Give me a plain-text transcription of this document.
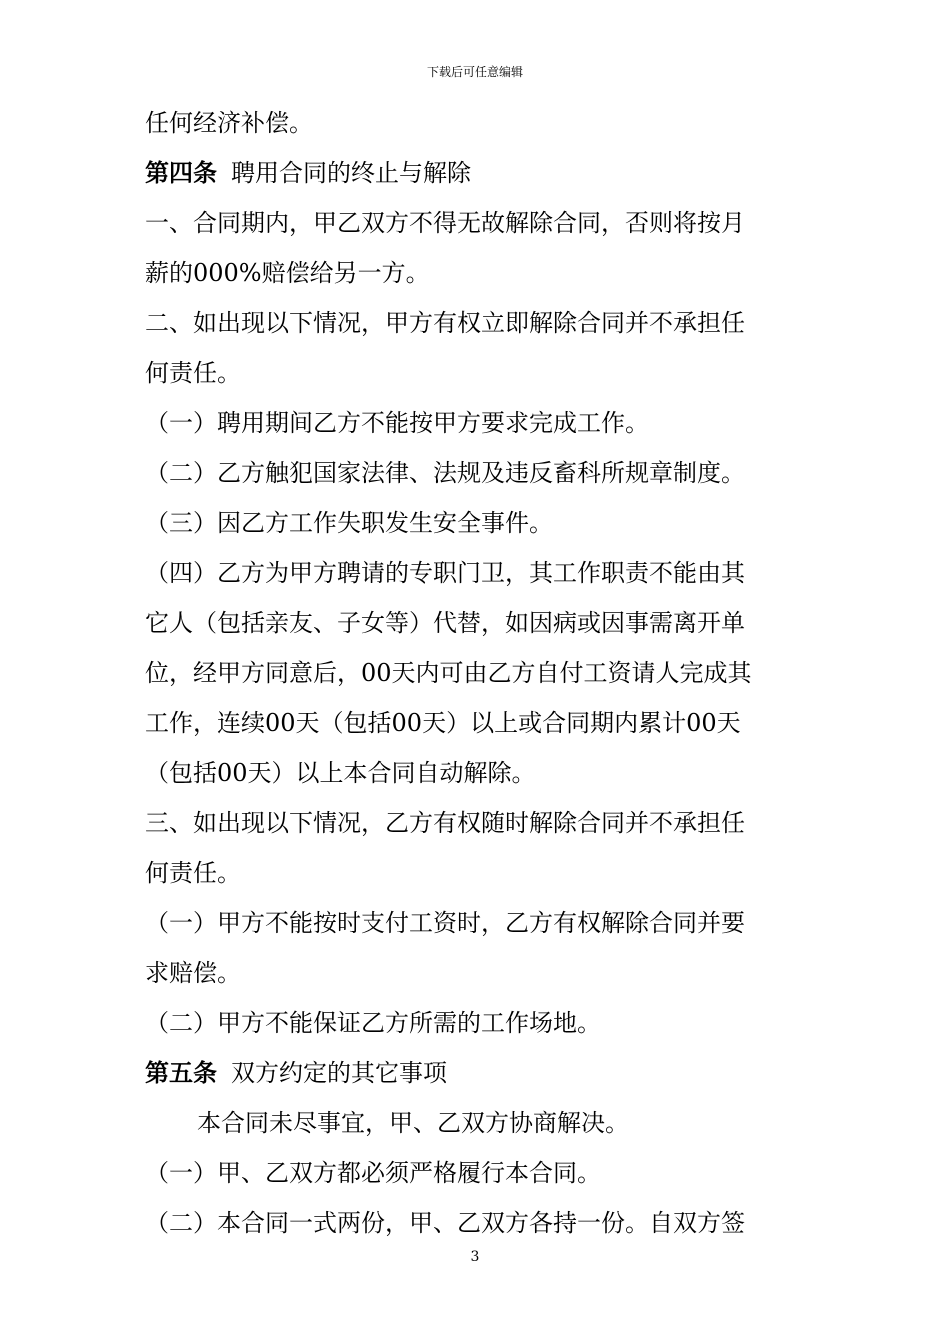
下载后可任意编辑
任何经济补偿。
第四条 聘用合同的终止与解除
一、合同期内，甲乙双方不得无故解除合同，否则将按月
薪的000%赔偿给另一方。
二、如出现以下情况，甲方有权立即解除合同并不承担任
何责任。
（一）聘用期间乙方不能按甲方要求完成工作。
（二）乙方触犯国家法律、法规及违反畜科所规章制度。
（三）因乙方工作失职发生安全事件。
（四）乙方为甲方聘请的专职门卫，其工作职责不能由其
它人（包括亲友、子女等）代替，如因病或因事需离开单
位，经甲方同意后，00天内可由乙方自付工资请人完成其
工作，连续00天（包括00天）以上或合同期内累计00天
（包括00天）以上本合同自动解除。
三、如出现以下情况，乙方有权随时解除合同并不承担任
何责任。
（一）甲方不能按时支付工资时，乙方有权解除合同并要
求赔偿。
（二）甲方不能保证乙方所需的工作场地。
第五条 双方约定的其它事项
本合同未尽事宜，甲、乙双方协商解决。
（一）甲、乙双方都必须严格履行本合同。
（二）本合同一式两份，甲、乙双方各持一份。自双方签
3
